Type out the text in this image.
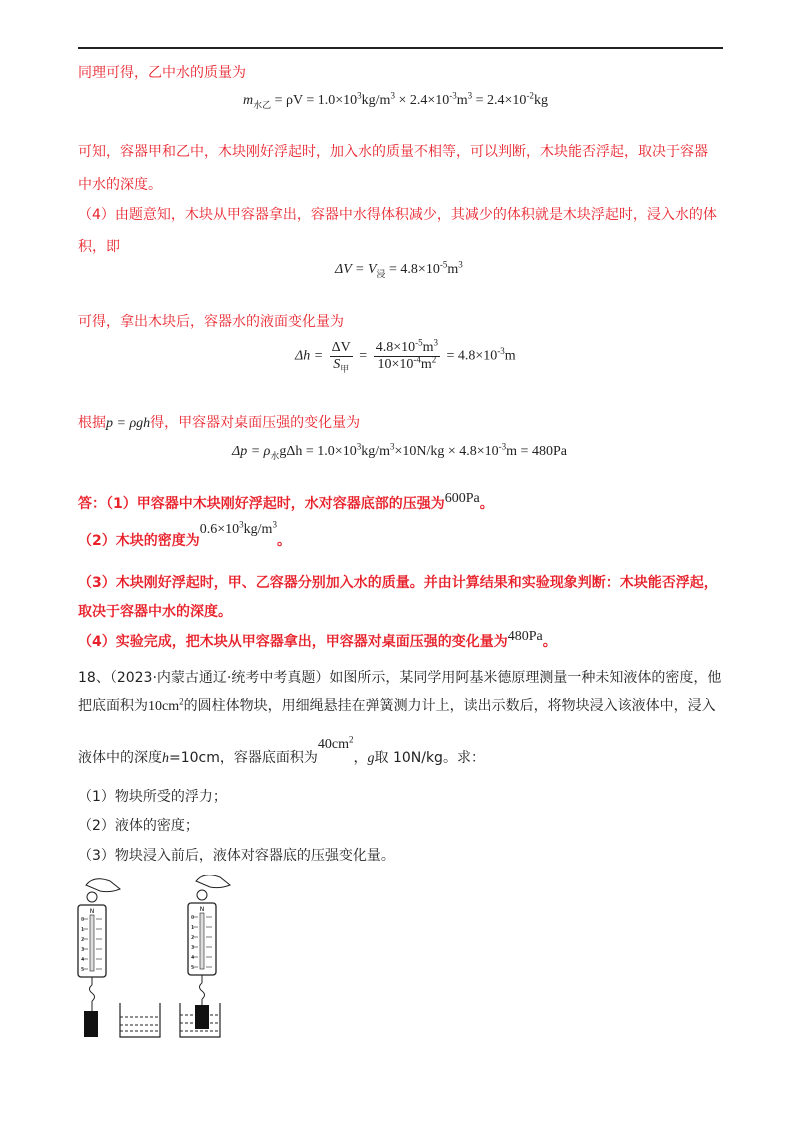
同理可得，乙中水的质量为
$m_{水乙} = \rho V = 1.0\times 10^3kg/m^3 \times 2.4\times 10^{-3}m^3 = 2.4\times 10^{-2}kg$
可知，容器甲和乙中，木块刚好浮起时，加入水的质量不相等，可以判断，木块能否浮起，取决于容器
中水的深度。
（4）由题意知，木块从甲容器拿出，容器中水得体积减少，其减少的体积就是木块浮起时，浸入水的体
积，即
$\Delta V = V_浸 = 4.8\times 10^{-5}m^3$
可得，拿出木块后，容器水的液面变化量为
$\Delta h = \frac{\Delta V}{S_甲} = \frac{4.8\times 10^{-5}m^3}{10\times 10^{-4}m^2} = 4.8\times 10^{-3}m$
根据p = ρgh得，甲容器对桌面压强的变化量为
$\Delta p = \rho_水g\Delta h = 1.0\times 10^3kg/m^3\times 10N/kg \times 4.8\times 10^{-3}m = 480Pa$
答：（1）甲容器中木块刚好浮起时，水对容器底部的压强为600Pa。
（2）木块的密度为$0.6\times 10^3kg/m^3$。
（3）木块刚好浮起时，甲、乙容器分别加入水的质量。并由计算结果和实验现象判断：木块能否浮起，
取决于容器中水的深度。
（4）实验完成，把木块从甲容器拿出，甲容器对桌面压强的变化量为480Pa。
18、（2023·内蒙古通辽·统考中考真题）如图所示，某同学用阿基米德原理测量一种未知液体的密度，他
把底面积为$10cm^2$的圆柱体物块，用细绳悬挂在弹簧测力计上，读出示数后，将物块浸入该液体中，浸入
液体中的深度h=10cm，容器底面积为$40cm^2$，g取 10N/kg。求：
（1）物块所受的浮力；
（2）液体的密度；
（3）物块浸入前后，液体对容器底的压强变化量。
N	N
0
1
2
3
4
5
0
1
2
3
4
5
